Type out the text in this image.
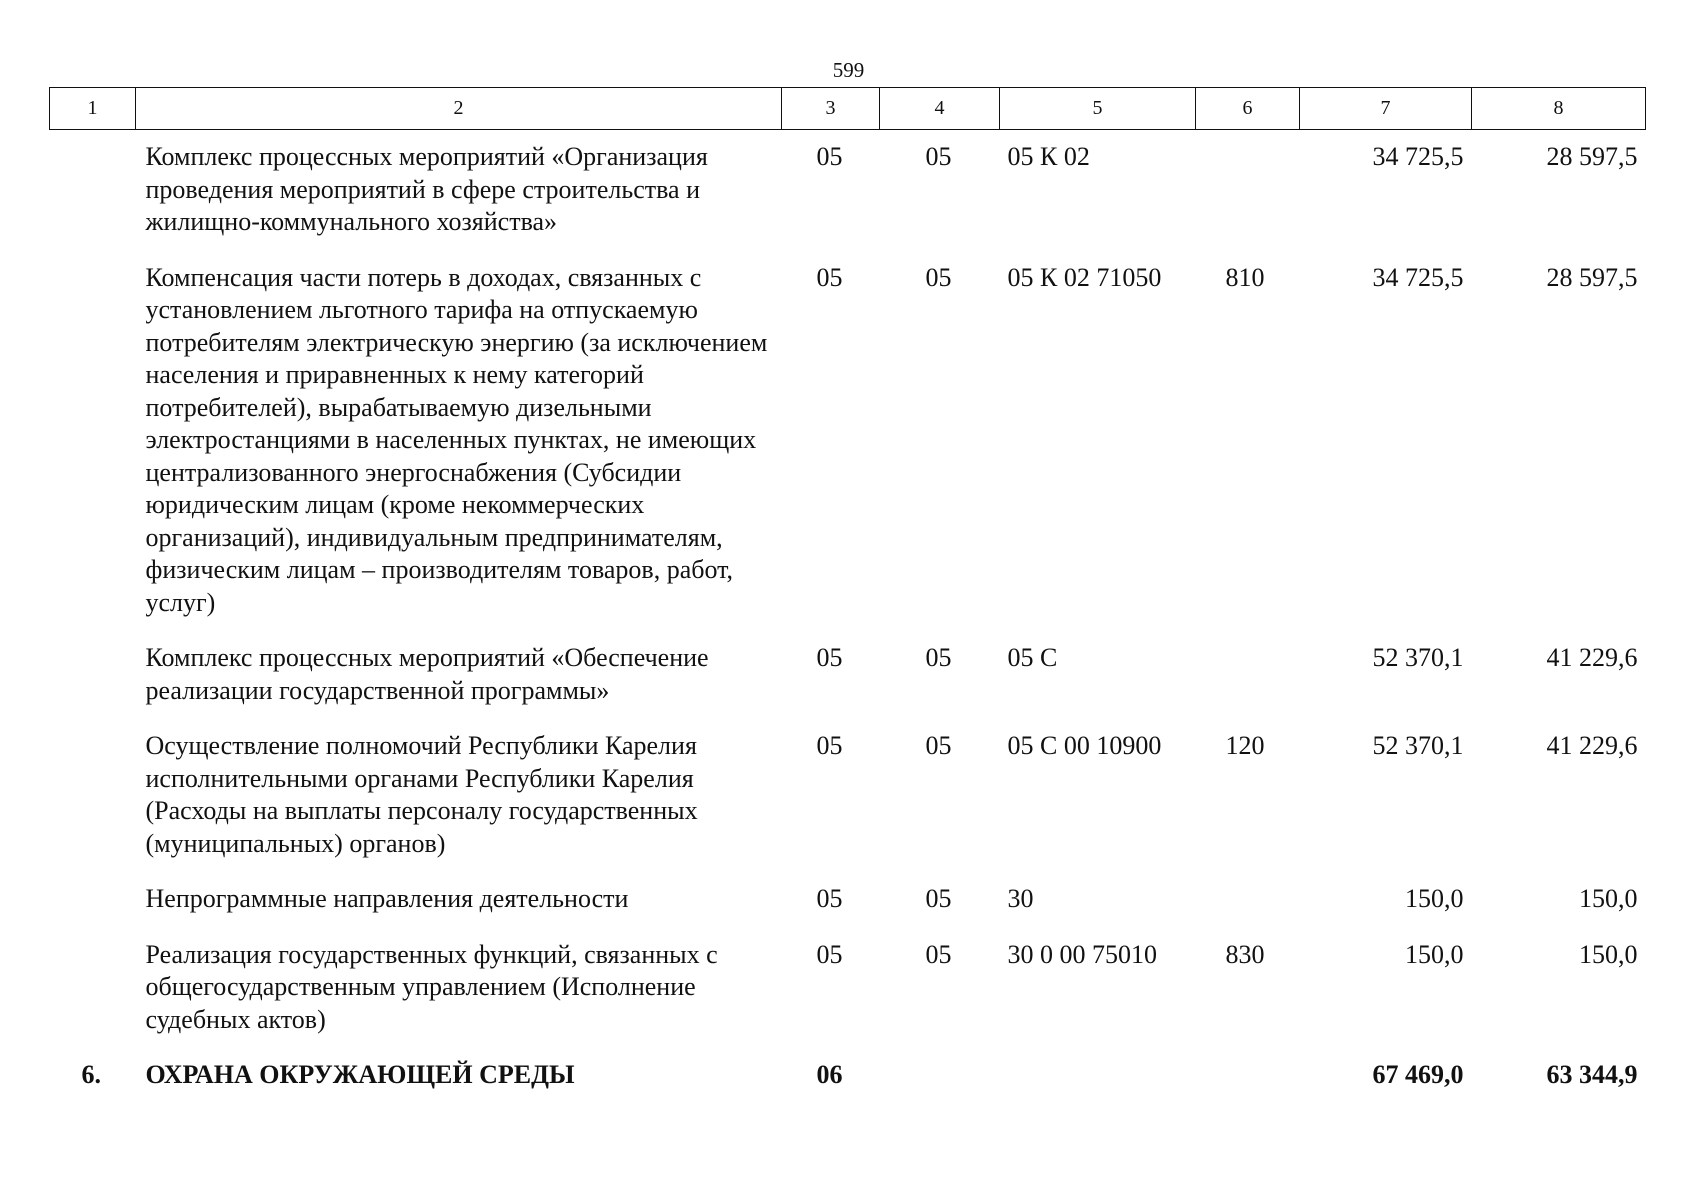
599
1	2	3	4	5	6	7	8
	Комплекс процессных мероприятий «Организация проведения мероприятий в сфере строительства и жилищно-коммунального хозяйства»	05	05	05 К 02		34 725,5	28 597,5
	Компенсация части потерь в доходах, связанных с установлением льготного тарифа на отпускаемую потребителям электрическую энергию (за исключением населения и приравненных к нему категорий потребителей), вырабатываемую дизельными электростанциями в населенных пунктах, не имеющих централизованного энергоснабжения (Субсидии юридическим лицам (кроме некоммерческих организаций), индивидуальным предпринимателям, физическим лицам – производителям товаров, работ, услуг)	05	05	05 К 02 71050	810	34 725,5	28 597,5
	Комплекс процессных мероприятий «Обеспечение реализации государственной программы»	05	05	05 С		52 370,1	41 229,6
	Осуществление полномочий Республики Карелия исполнительными органами Республики Карелия (Расходы на выплаты персоналу государственных (муниципальных) органов)	05	05	05 С 00 10900	120	52 370,1	41 229,6
	Непрограммные направления деятельности	05	05	30		150,0	150,0
	Реализация государственных функций, связанных с общегосударственным управлением (Исполнение судебных актов)	05	05	30 0 00 75010	830	150,0	150,0
6.	ОХРАНА ОКРУЖАЮЩЕЙ СРЕДЫ	06				67 469,0	63 344,9
